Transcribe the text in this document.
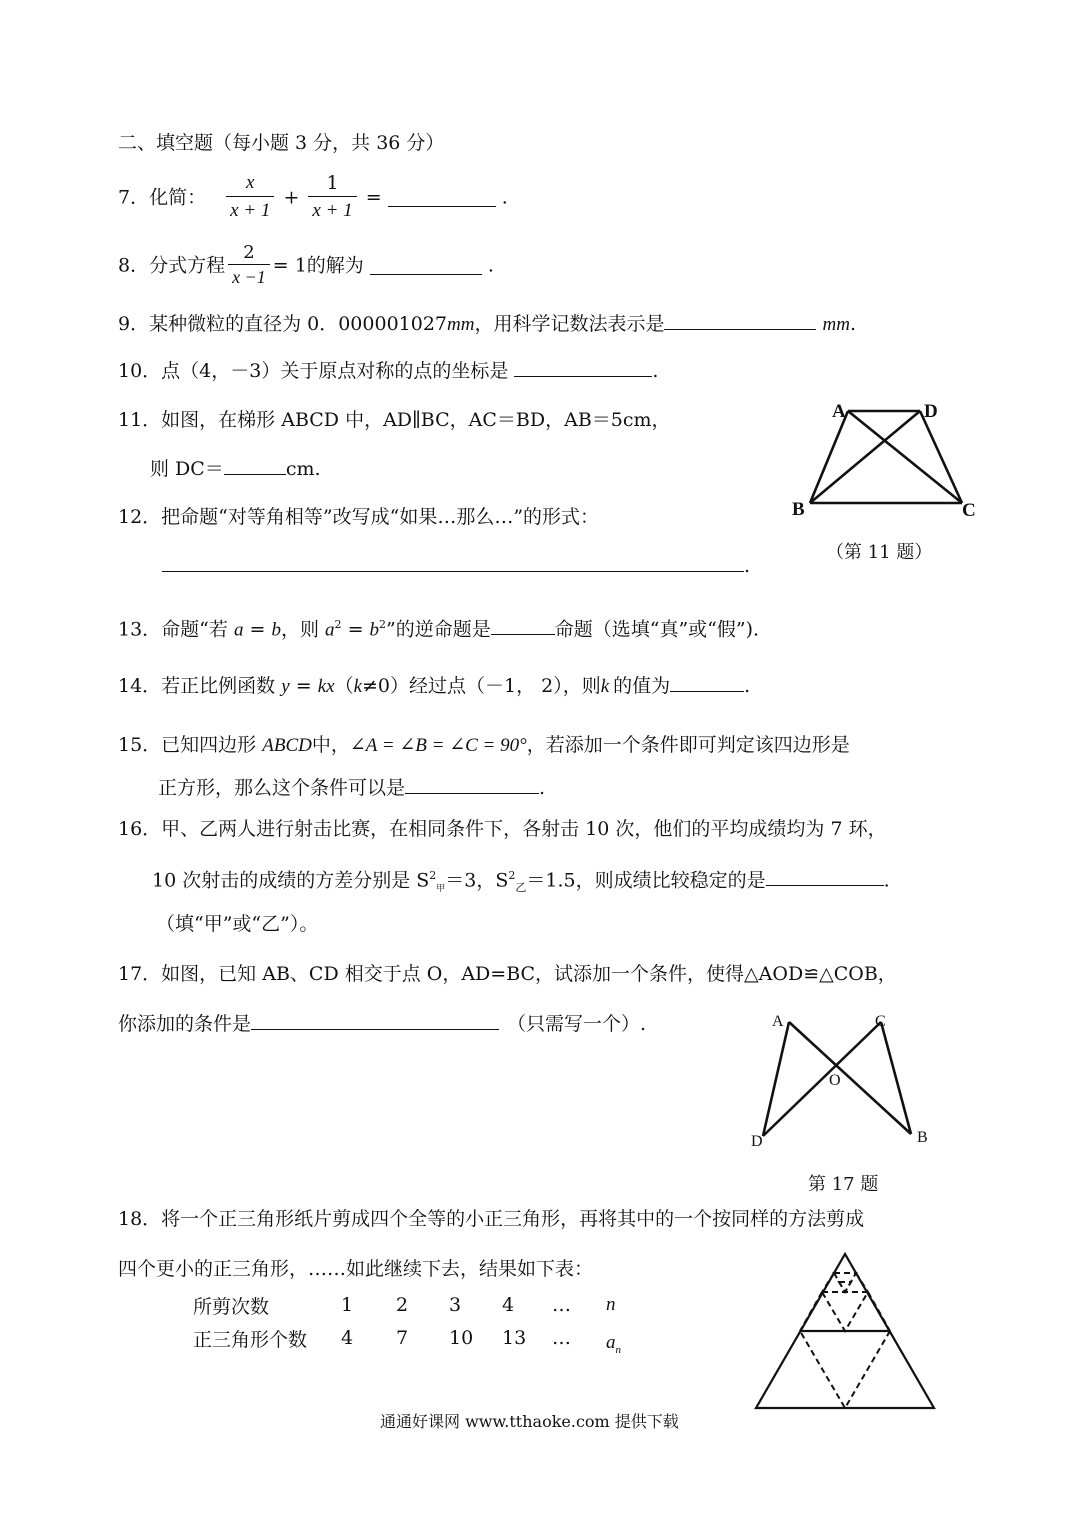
二、填空题（每小题 3 分，共 36 分）
7．化简： $\frac{x}{x + 1} + \frac{1}{x + 1}$ =	.
8．分式方程 $\frac{2}{x -1} = 1$的解为	.
9．某种微粒的直径为 0．000001027mm，用科学记数法表示是	mm.
10．点（4，－3）关于原点对称的点的坐标是	.
11．如图，在梯形 ABCD 中，AD∥BC，AC＝BD，AB＝5cm，
则 DC＝	cm.
A	D
B	C
（第 11 题）
12．把命题“对等角相等”改写成“如果…那么…”的形式：
.
13．命题“若 a = b，则 $a^2 = b^2$”的逆命题是	命题（选填“真”或“假”).
14．若正比例函数 y = kx（k≠0）经过点（－1， 2），则k 的值为	.
15．已知四边形 ABCD中，∠A = ∠B = ∠C = 90°，若添加一个条件即可判定该四边形是
正方形，那么这个条件可以是	.
16．甲、乙两人进行射击比赛，在相同条件下，各射击 10 次，他们的平均成绩均为 7 环，
10 次射击的成绩的方差分别是 $S^2_甲=3$，$S^2_乙=1.5$，则成绩比较稳定的是	.
（填“甲”或“乙”）。
17．如图，已知 AB、CD 相交于点 O，AD=BC，试添加一个条件，使得△AOD≌△COB，
你添加的条件是	（只需写一个）.	A	C
O
D	B
第 17 题
18．将一个正三角形纸片剪成四个全等的小正三角形，再将其中的一个按同样的方法剪成
四个更小的正三角形，……如此继续下去，结果如下表：
所剪次数	1	2	3	4	…	n
正三角形个数	4	7	10	13	…	$a_n$
通通好课网 www.tthaoke.com 提供下载
